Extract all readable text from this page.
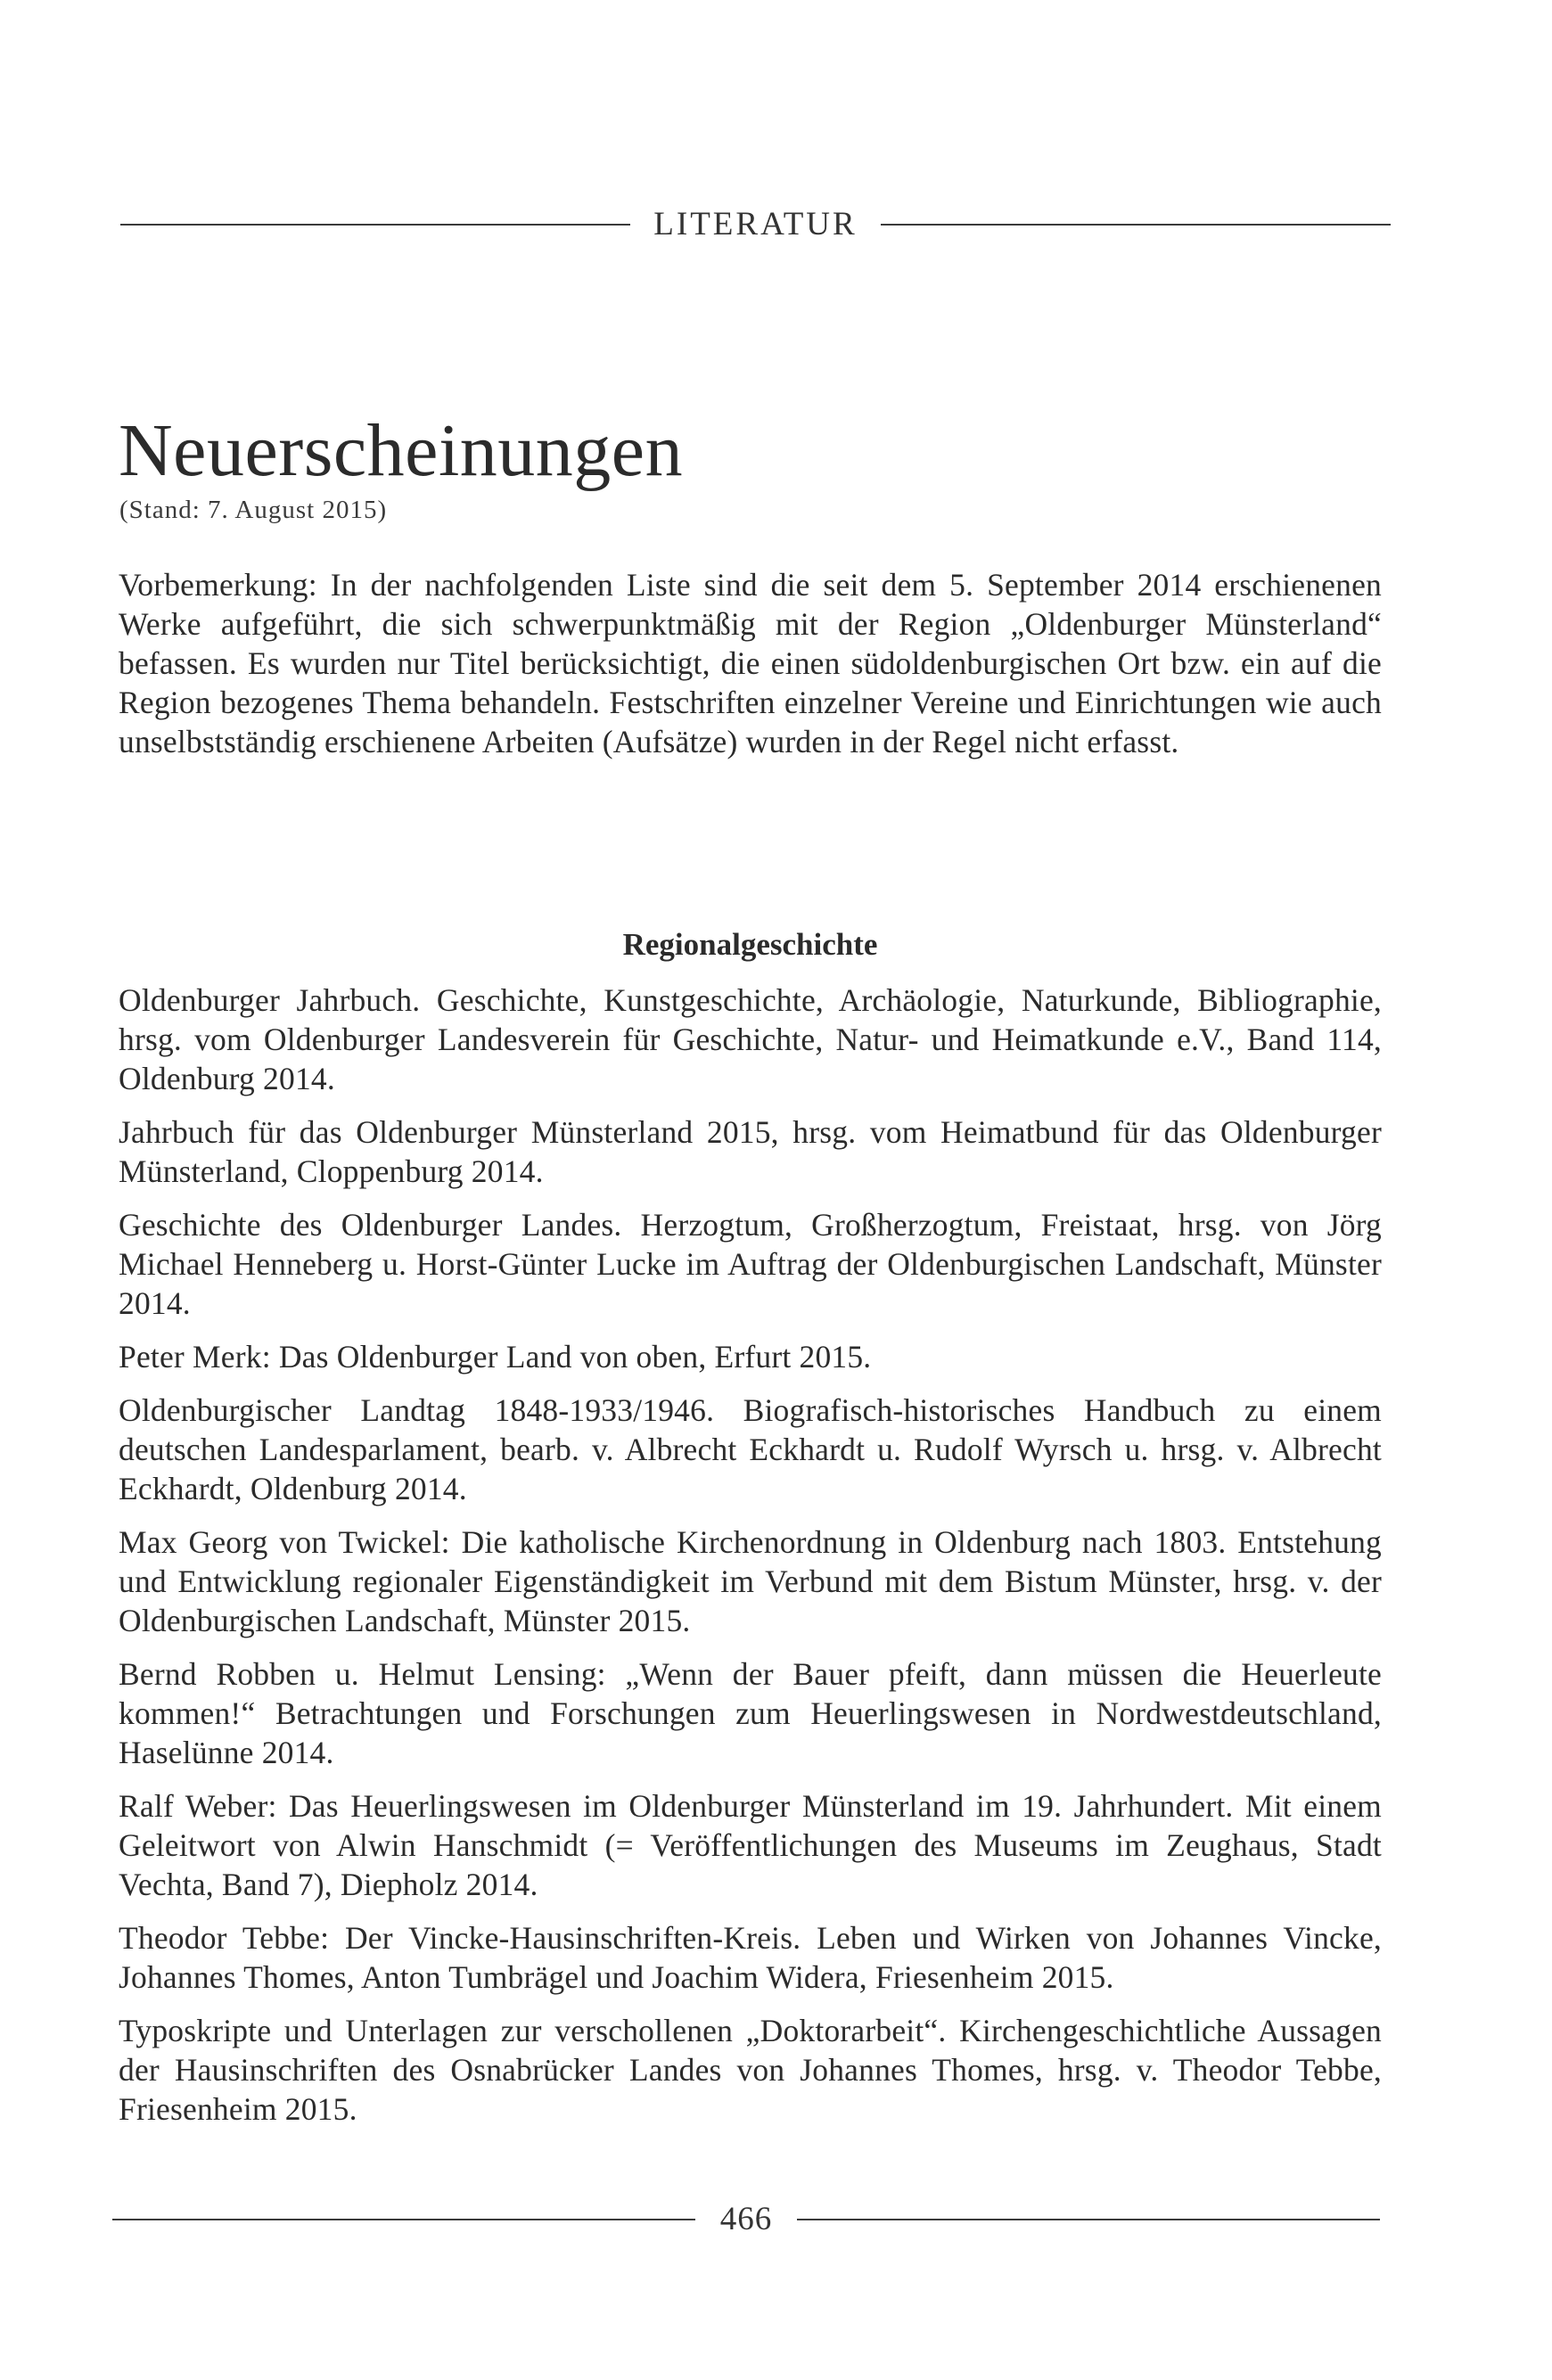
LITERATUR
Neuerscheinungen
(Stand: 7. August 2015)

Vorbemerkung: In der nachfolgenden Liste sind die seit dem 5. September 2014 erschienenen Werke aufgeführt, die sich schwerpunktmäßig mit der Region „Oldenburger Münsterland“ befassen. Es wurden nur Titel berücksichtigt, die einen südoldenburgischen Ort bzw. ein auf die Region bezogenes Thema behandeln. Festschriften einzelner Vereine und Einrichtungen wie auch unselbstständig erschienene Arbeiten (Aufsätze) wurden in der Regel nicht erfasst.

Regionalgeschichte
Oldenburger Jahrbuch. Geschichte, Kunstgeschichte, Archäologie, Naturkunde, Bibliographie, hrsg. vom Oldenburger Landesverein für Geschichte, Natur- und Heimatkunde e.V., Band 114, Oldenburg 2014.
Jahrbuch für das Oldenburger Münsterland 2015, hrsg. vom Heimatbund für das Oldenburger Münsterland, Cloppenburg 2014.
Geschichte des Oldenburger Landes. Herzogtum, Großherzogtum, Freistaat, hrsg. von Jörg Michael Henneberg u. Horst-Günter Lucke im Auftrag der Oldenburgischen Landschaft, Münster 2014.
Peter Merk: Das Oldenburger Land von oben, Erfurt 2015.
Oldenburgischer Landtag 1848-1933/1946. Biografisch-historisches Handbuch zu einem deutschen Landesparlament, bearb. v. Albrecht Eckhardt u. Rudolf Wyrsch u. hrsg. v. Albrecht Eckhardt, Oldenburg 2014.
Max Georg von Twickel: Die katholische Kirchenordnung in Oldenburg nach 1803. Entstehung und Entwicklung regionaler Eigenständigkeit im Verbund mit dem Bistum Münster, hrsg. v. der Oldenburgischen Landschaft, Münster 2015.
Bernd Robben u. Helmut Lensing: „Wenn der Bauer pfeift, dann müssen die Heuerleute kommen!“ Betrachtungen und Forschungen zum Heuerlingswesen in Nordwestdeutschland, Haselünne 2014.
Ralf Weber: Das Heuerlingswesen im Oldenburger Münsterland im 19. Jahrhundert. Mit einem Geleitwort von Alwin Hanschmidt (= Veröffentlichungen des Museums im Zeughaus, Stadt Vechta, Band 7), Diepholz 2014.
Theodor Tebbe: Der Vincke-Hausinschriften-Kreis. Leben und Wirken von Johannes Vincke, Johannes Thomes, Anton Tumbrägel und Joachim Widera, Friesenheim 2015.
Typoskripte und Unterlagen zur verschollenen „Doktorarbeit“. Kirchengeschichtliche Aussagen der Hausinschriften des Osnabrücker Landes von Johannes Thomes, hrsg. v. Theodor Tebbe, Friesenheim 2015.
466
